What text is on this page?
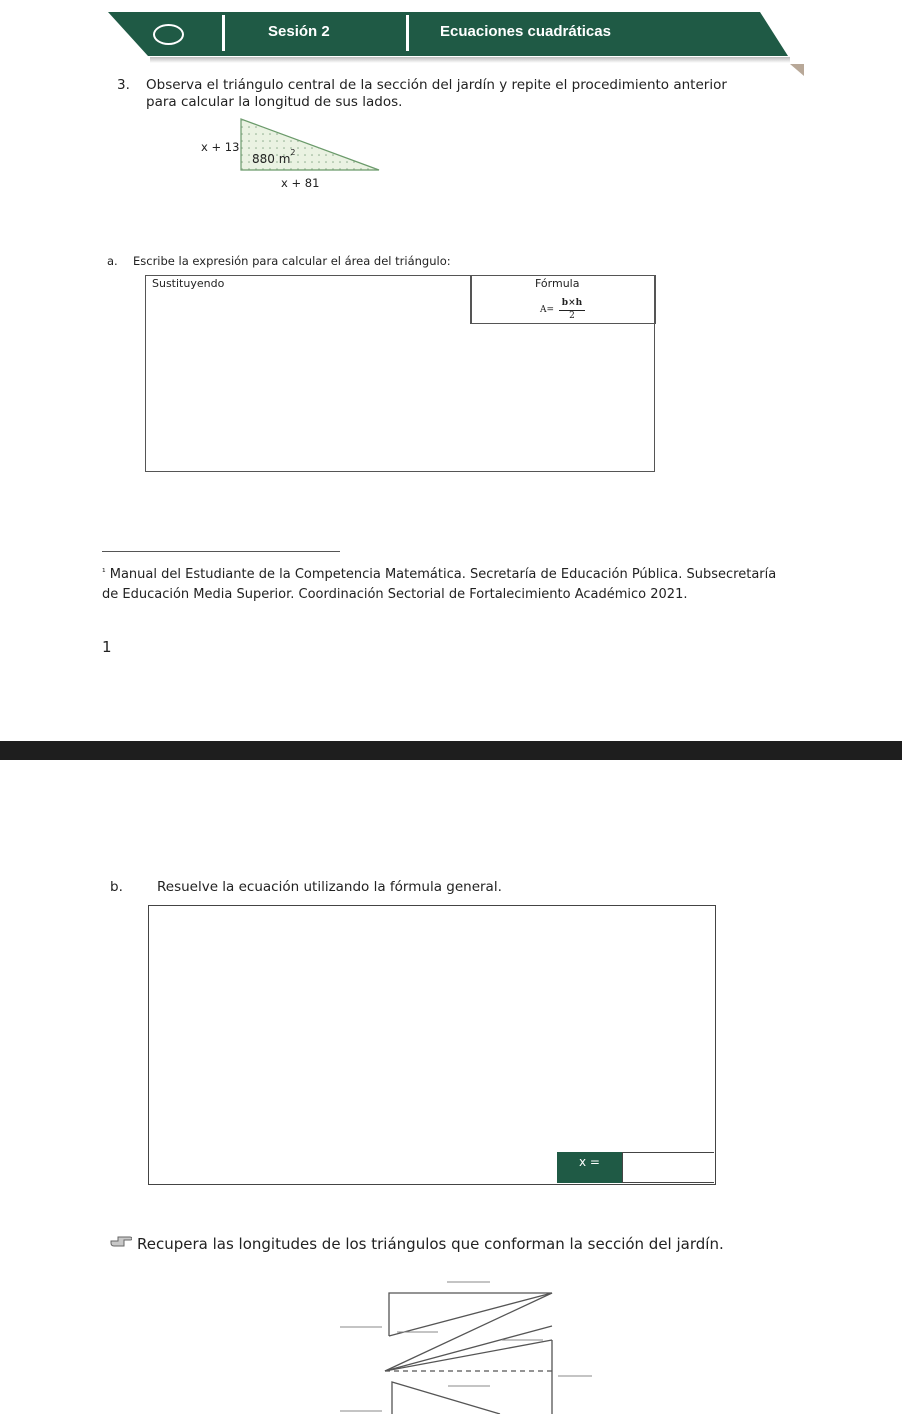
Sesión 2	Ecuaciones cuadráticas
3. Observa el triángulo central de la sección del jardín y repite el procedimiento anterior
para calcular la longitud de sus lados.
x + 13
880 $m^2$
x + 81
a. Escribe la expresión para calcular el área del triángulo:
Sustituyendo	Fórmula
A=
b×h
2
$^{^1}$ Manual del Estudiante de la Competencia Matemática. Secretaría de Educación Pública. Subsecretaría
de Educación Media Superior. Coordinación Sectorial de Fortalecimiento Académico 2021.
1
b.	Resuelve la ecuación utilizando la fórmula general.
x =
Recupera las longitudes de los triángulos que conforman la sección del jardín.
